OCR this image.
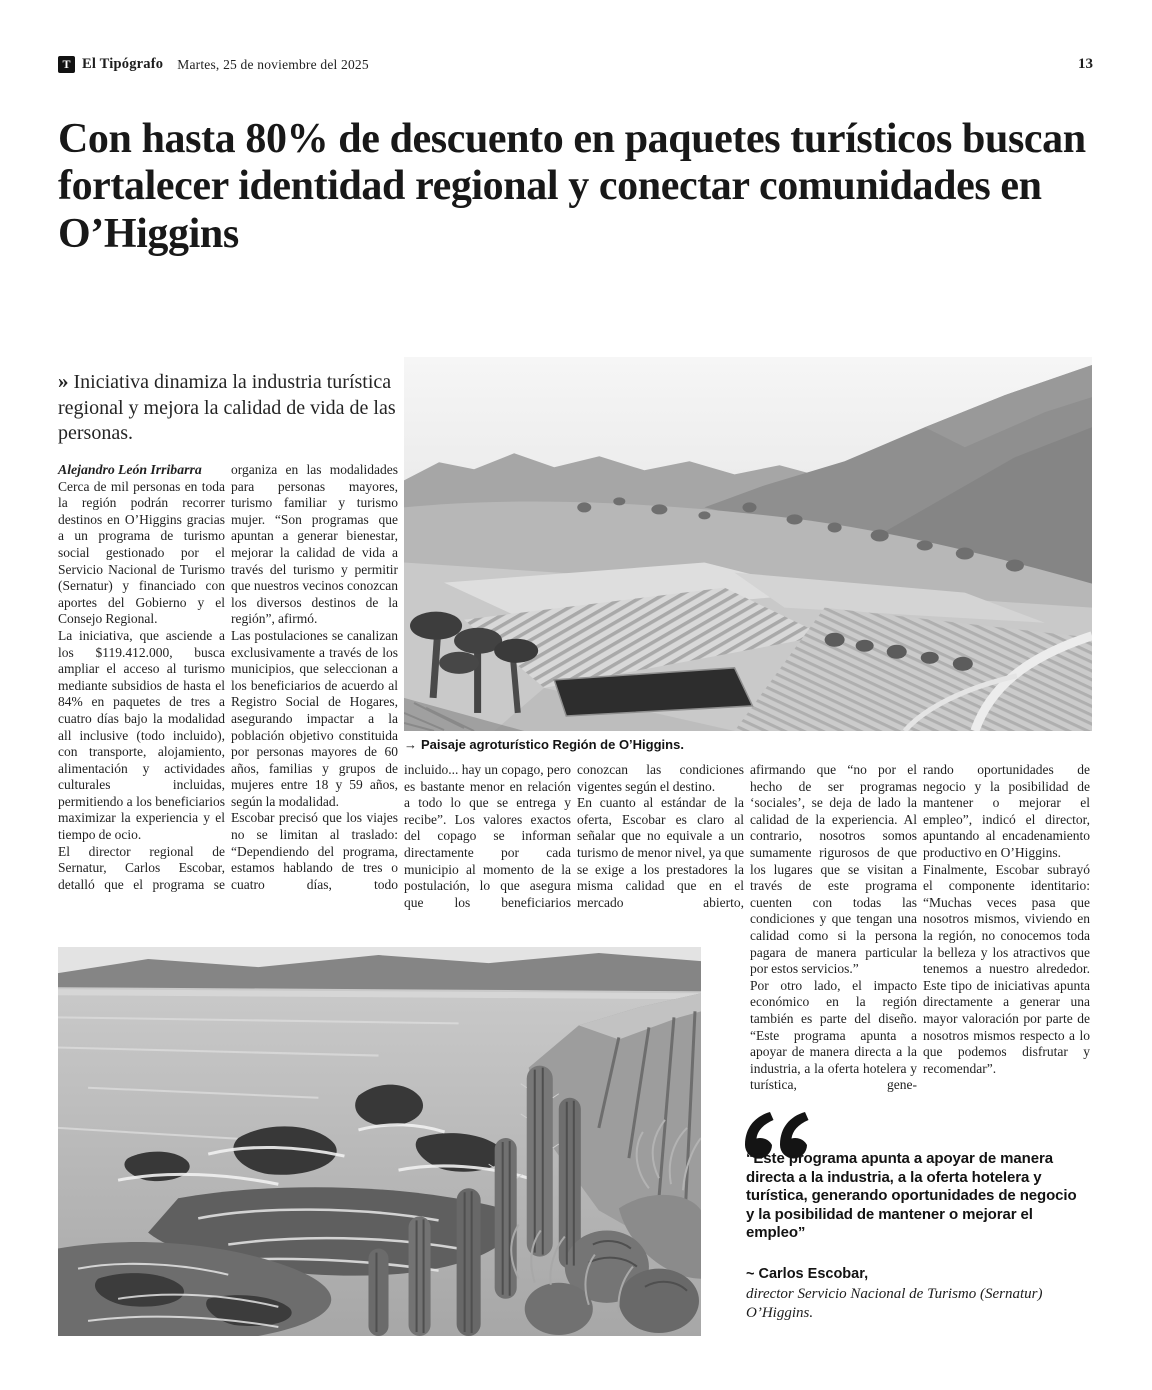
T El Tipógrafo Martes, 25 de noviembre del 2025	13
Con hasta 80% de descuento en paquetes turísticos buscan fortalecer identidad regional y conectar comunidades en O’Higgins
» Iniciativa dinamiza la industria turística regional y mejora la calidad de vida de las personas.
→ Paisaje agroturístico Región de O’Higgins.

Alejandro León Irribarra

Cerca de mil personas en toda la región podrán recorrer destinos en O’Higgins gracias a un programa de turismo social gestionado por el Servicio Nacional de Turismo (Sernatur) y financiado con aportes del Gobierno y el Consejo Regional.

La iniciativa, que asciende a los $119.412.000, busca ampliar el acceso al turismo mediante subsidios de hasta el 84% en paquetes de tres a cuatro días bajo la modalidad all inclusive (todo incluido), con transporte, alojamiento, alimentación y actividades culturales incluidas, permitiendo a los beneficiarios maximizar la experiencia y el tiempo de ocio.

El director regional de Sernatur, Carlos Escobar, detalló que el programa se

organiza en las modalidades para personas mayores, turismo familiar y turismo mujer. “Son programas que apuntan a generar bienestar, mejorar la calidad de vida a través del turismo y permitir que nuestros vecinos conozcan los diversos destinos de la región”, afirmó.

Las postulaciones se canalizan exclusivamente a través de los municipios, que seleccionan a los beneficiarios de acuerdo al Registro Social de Hogares, asegurando impactar a la población objetivo constituida por personas mayores de 60 años, familias y grupos de mujeres entre 18 y 59 años, según la modalidad.

Escobar precisó que los viajes no se limitan al traslado: “Dependiendo del programa, estamos hablando de tres o cuatro días, todo

incluido... hay un copago, pero es bastante menor en relación a todo lo que se entrega y recibe”. Los valores exactos del copago se informan directamente por cada municipio al momento de la postulación, lo que asegura que los beneficiarios

conozcan las condiciones vigentes según el destino.

En cuanto al estándar de la oferta, Escobar es claro al señalar que no equivale a un turismo de menor nivel, ya que se exige a los prestadores la misma calidad que en el mercado abierto,

afirmando que “no por el hecho de ser programas ‘sociales’, se deja de lado la calidad de la experiencia. Al contrario, nosotros somos sumamente rigurosos de que los lugares que se visitan a través de este programa cuenten con todas las condiciones y que tengan una calidad como si la persona pagara de manera particular por estos servicios.”

Por otro lado, el impacto económico en la región también es parte del diseño. “Este programa apunta a apoyar de manera directa a la industria, a la oferta hotelera y turística, gene-

rando oportunidades de negocio y la posibilidad de mantener o mejorar el empleo”, indicó el director, apuntando al encadenamiento productivo en O’Higgins.

Finalmente, Escobar subrayó el componente identitario: “Muchas veces pasa que nosotros mismos, viviendo en la región, no conocemos toda la belleza y los atractivos que tenemos a nuestro alrededor. Este tipo de iniciativas apunta directamente a generar una mayor valoración por parte de nosotros mismos respecto a lo que podemos disfrutar y recomendar”.

“Este programa apunta a apoyar de manera directa a la industria, a la oferta hotelera y turística, generando oportunidades de negocio y la posibilidad de mantener o mejorar el empleo”
~ Carlos Escobar,
director Servicio Nacional de Turismo (Sernatur) O’Higgins.
